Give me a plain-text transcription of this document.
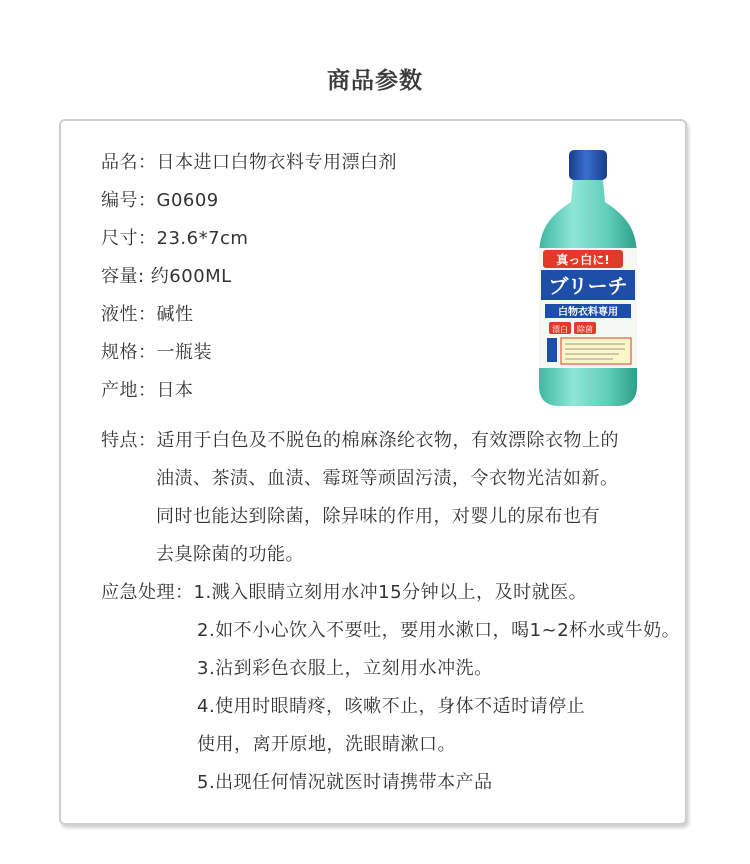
商品参数
品名：日本进口白物衣料专用漂白剂
编号：G0609
尺寸：23.6*7cm
容量: 约600ML
液性：碱性
规格：一瓶装
产地：日本
真っ白に!
ブリーチ
白物衣料専用
漂白 除菌
特点：适用于白色及不脱色的棉麻涤纶衣物，有效漂除衣物上的
油渍、茶渍、血渍、霉斑等顽固污渍，令衣物光洁如新。
同时也能达到除菌，除异味的作用，对婴儿的尿布也有
去臭除菌的功能。
应急处理：1.溅入眼睛立刻用水冲15分钟以上，及时就医。
2.如不小心饮入不要吐，要用水漱口，喝1~2杯水或牛奶。
3.沾到彩色衣服上，立刻用水冲洗。
4.使用时眼睛疼，咳嗽不止，身体不适时请停止
使用，离开原地，洗眼睛漱口。
5.出现任何情况就医时请携带本产品
